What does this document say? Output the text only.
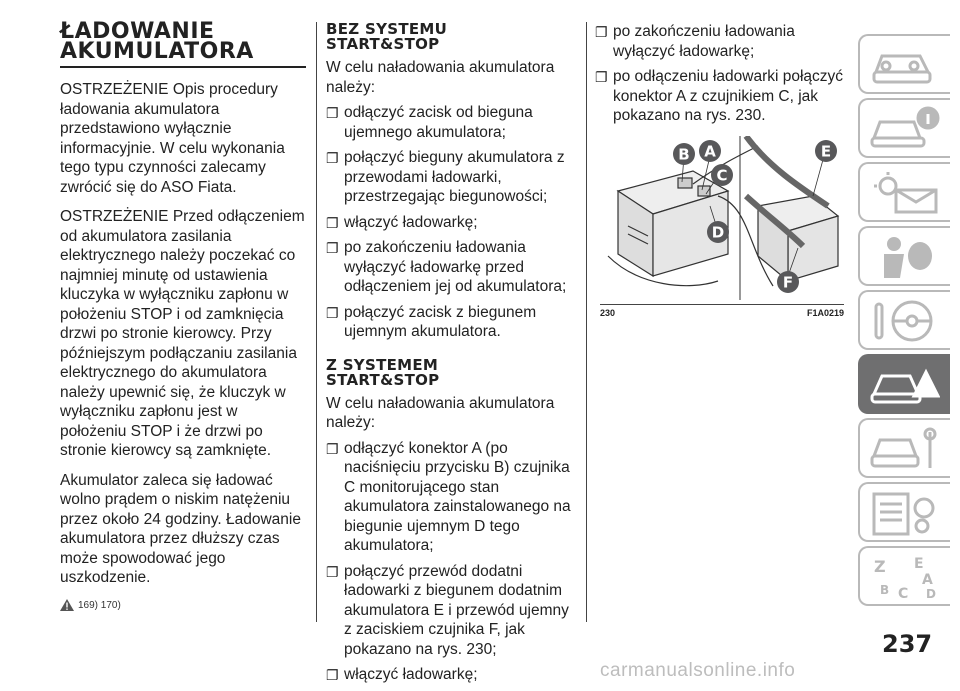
ŁADOWANIE
AKUMULATORA

OSTRZEŻENIE Opis procedury ładowania akumulatora przedstawiono wyłącznie informacyjnie. W celu wykonania tego typu czynności zalecamy zwrócić się do ASO Fiata.

OSTRZEŻENIE Przed odłączeniem od akumulatora zasilania elektrycznego należy poczekać co najmniej minutę od ustawienia kluczyka w wyłączniku zapłonu w położeniu STOP i od zamknięcia drzwi po stronie kierowcy. Przy późniejszym podłączaniu zasilania elektrycznego do akumulatora należy upewnić się, że kluczyk w wyłączniku zapłonu jest w położeniu STOP i że drzwi po stronie kierowcy są zamknięte.

Akumulator zaleca się ładować wolno prądem o niskim natężeniu przez około 24 godziny. Ładowanie akumulatora przez dłuższy czas może spowodować jego uszkodzenie.

169) 170)
BEZ SYSTEMU
START&STOP

W celu naładowania akumulatora należy:

❐ odłączyć zacisk od bieguna ujemnego akumulatora;
❐ połączyć bieguny akumulatora z przewodami ładowarki, przestrzegając biegunowości;
❐ włączyć ładowarkę;
❐ po zakończeniu ładowania wyłączyć ładowarkę przed odłączeniem jej od akumulatora;
❐ połączyć zacisk z biegunem ujemnym akumulatora.
Z SYSTEMEM
START&STOP

W celu naładowania akumulatora należy:

❐ odłączyć konektor A (po naciśnięciu przycisku B) czujnika C monitorującego stan akumulatora zainstalowanego na biegunie ujemnym D tego akumulatora;
❐ połączyć przewód dodatni ładowarki z biegunem dodatnim akumulatora E i przewód ujemny z zaciskiem czujnika F, jak pokazano na rys. 230;
❐ włączyć ładowarkę;
❐ po zakończeniu ładowania wyłączyć ładowarkę;
❐ po odłączeniu ładowarki połączyć konektor A z czujnikiem C, jak pokazano na rys. 230.
B A
C
D
E
F
230	F1A0219
Z E
A
B C D
237
carmanualsonline.info
